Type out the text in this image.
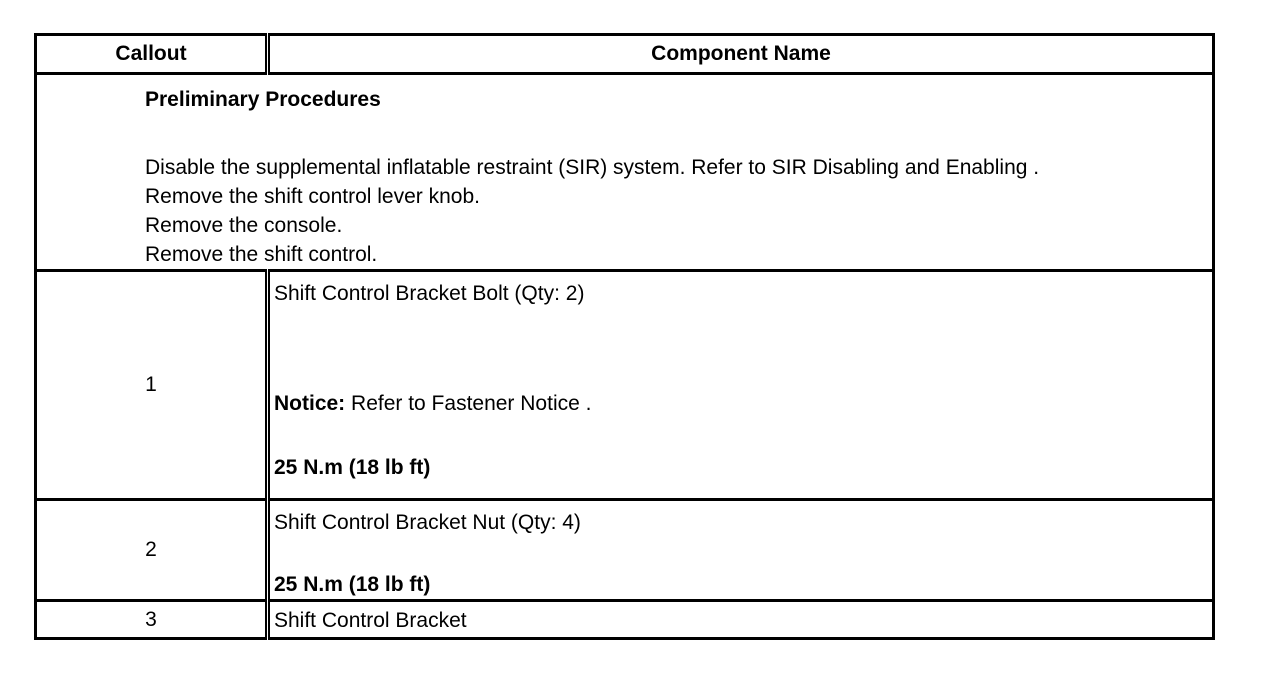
Callout	Component Name

Preliminary Procedures
Disable the supplemental inflatable restraint (SIR) system. Refer to SIR Disabling and Enabling .
Remove the shift control lever knob.
Remove the console.
Remove the shift control.	

1	Shift Control Bracket Bolt (Qty: 2)
Notice: Refer to Fastener Notice .
25 N.m (18 lb ft)

2	Shift Control Bracket Nut (Qty: 4)
25 N.m (18 lb ft)

3	Shift Control Bracket
